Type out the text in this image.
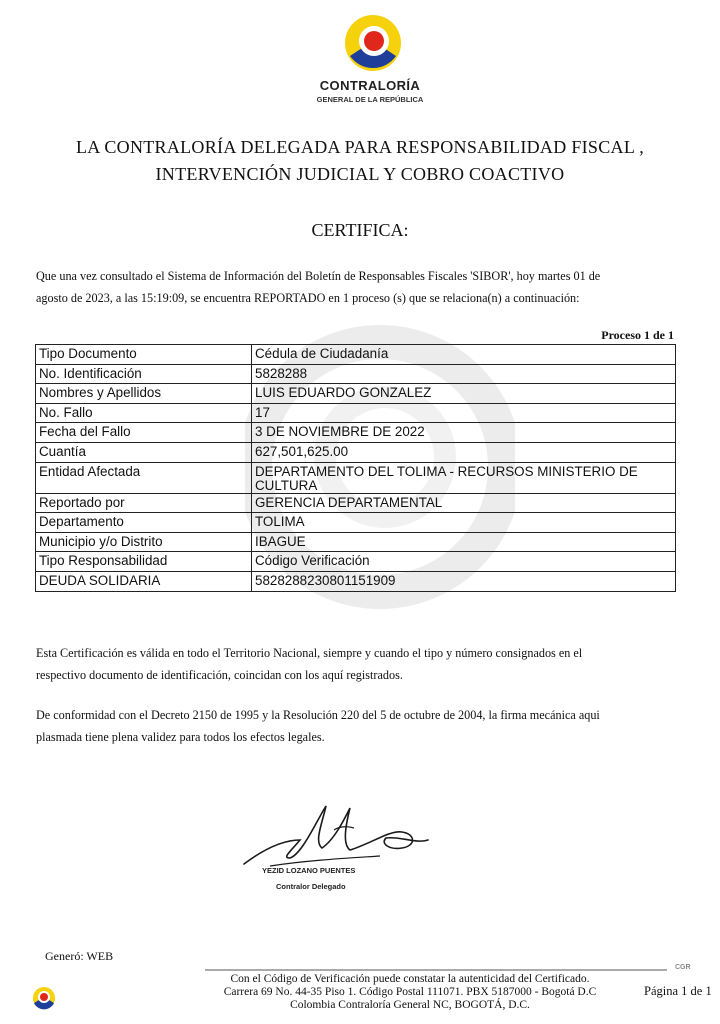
CONTRALORÍA
GENERAL DE LA REPÚBLICA
LA CONTRALORÍA DELEGADA PARA RESPONSABILIDAD FISCAL ,
INTERVENCIÓN JUDICIAL Y COBRO COACTIVO
CERTIFICA:
Que una vez consultado el Sistema de Información del Boletín de Responsables Fiscales 'SIBOR', hoy martes 01 de
agosto de 2023, a las 15:19:09, se encuentra REPORTADO en 1 proceso (s) que se relaciona(n) a continuación:
Proceso 1 de 1
Tipo Documento	Cédula de Ciudadanía
No. Identificación	5828288
Nombres y Apellidos	LUIS EDUARDO GONZALEZ
No. Fallo	17
Fecha del Fallo	3 DE NOVIEMBRE DE 2022
Cuantía	627,501,625.00
Entidad Afectada	DEPARTAMENTO DEL TOLIMA - RECURSOS MINISTERIO DE CULTURA
Reportado por	GERENCIA DEPARTAMENTAL
Departamento	TOLIMA
Municipio y/o Distrito	IBAGUE
Tipo Responsabilidad	Código Verificación
DEUDA SOLIDARIA	5828288230801151909
Esta Certificación es válida en todo el Territorio Nacional, siempre y cuando el tipo y número consignados en el
respectivo documento de identificación, coincidan con los aquí registrados.
De conformidad con el Decreto 2150 de 1995 y la Resolución 220 del 5 de octubre de 2004, la firma mecánica aqui
plasmada tiene plena validez para todos los efectos legales.
YEZID LOZANO PUENTES
Contralor Delegado
Generó: WEB
CGR
Con el Código de Verificación puede constatar la autenticidad del Certificado.
Carrera 69 No. 44-35 Piso 1. Código Postal 111071. PBX 5187000 - Bogotá D.C
Colombia Contraloría General NC, BOGOTÁ, D.C.
Página 1 de 1
